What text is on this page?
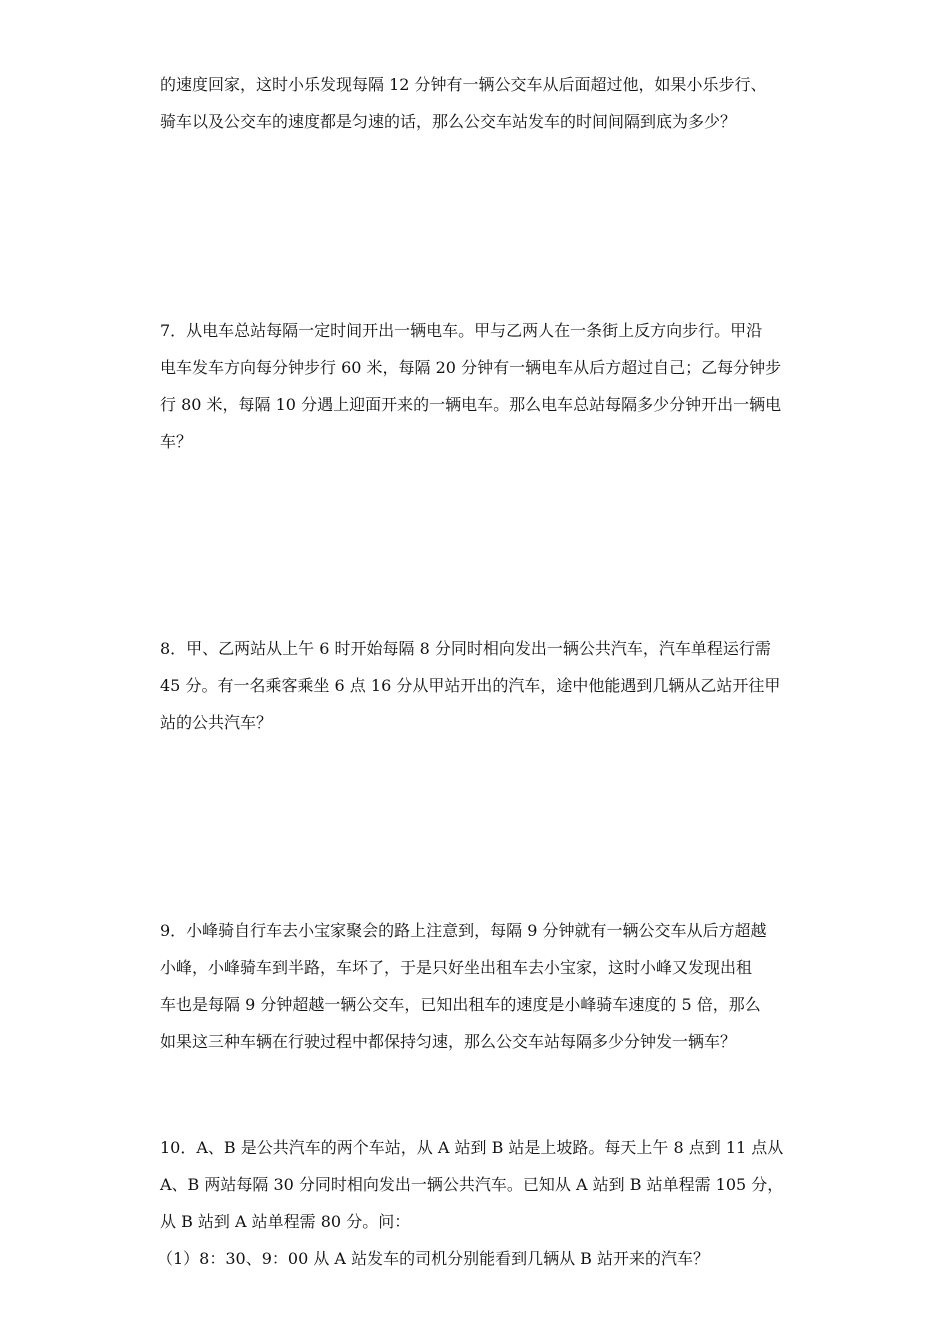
的速度回家，这时小乐发现每隔 12 分钟有一辆公交车从后面超过他，如果小乐步行、
骑车以及公交车的速度都是匀速的话，那么公交车站发车的时间间隔到底为多少？
7．从电车总站每隔一定时间开出一辆电车。甲与乙两人在一条街上反方向步行。甲沿
电车发车方向每分钟步行 60 米，每隔 20 分钟有一辆电车从后方超过自己；乙每分钟步
行 80 米，每隔 10 分遇上迎面开来的一辆电车。那么电车总站每隔多少分钟开出一辆电
车？
8．甲、乙两站从上午 6 时开始每隔 8 分同时相向发出一辆公共汽车，汽车单程运行需
45 分。有一名乘客乘坐 6 点 16 分从甲站开出的汽车，途中他能遇到几辆从乙站开往甲
站的公共汽车？
9．小峰骑自行车去小宝家聚会的路上注意到，每隔 9 分钟就有一辆公交车从后方超越
小峰，小峰骑车到半路，车坏了，于是只好坐出租车去小宝家，这时小峰又发现出租
车也是每隔 9 分钟超越一辆公交车，已知出租车的速度是小峰骑车速度的 5 倍，那么
如果这三种车辆在行驶过程中都保持匀速，那么公交车站每隔多少分钟发一辆车？
10．A、B 是公共汽车的两个车站，从 A 站到 B 站是上坡路。每天上午 8 点到 11 点从
A、B 两站每隔 30 分同时相向发出一辆公共汽车。已知从 A 站到 B 站单程需 105 分，
从 B 站到 A 站单程需 80 分。问：
（1）8：30、9：00 从 A 站发车的司机分别能看到几辆从 B 站开来的汽车？
